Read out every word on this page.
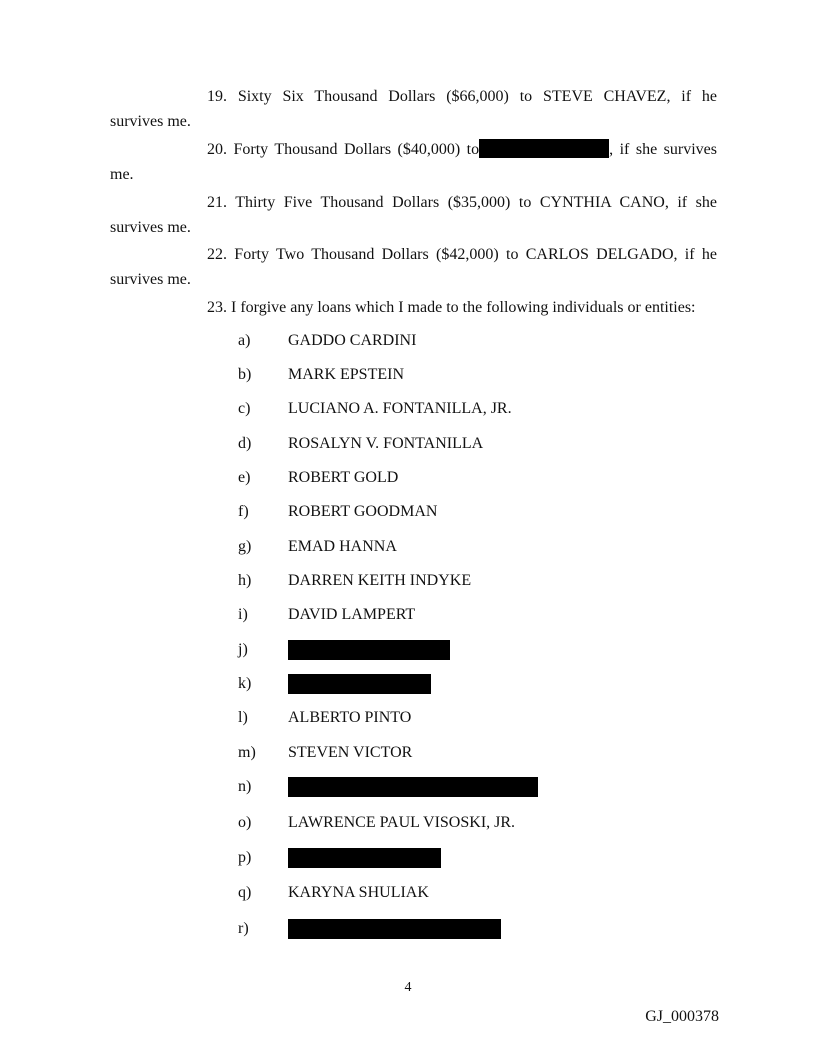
19. Sixty Six Thousand Dollars ($66,000) to STEVE CHAVEZ, if he
survives me.
20. Forty Thousand Dollars ($40,000) to	, if she survives
me.
21. Thirty Five Thousand Dollars ($35,000) to CYNTHIA CANO, if she
survives me.
22. Forty Two Thousand Dollars ($42,000) to CARLOS DELGADO, if he
survives me.
23. I forgive any loans which I made to the following individuals or entities:
a)	GADDO CARDINI
b)	MARK EPSTEIN
c)	LUCIANO A. FONTANILLA, JR.
d)	ROSALYN V. FONTANILLA
e)	ROBERT GOLD
f)	ROBERT GOODMAN
g)	EMAD HANNA
h)	DARREN KEITH INDYKE
i)	DAVID LAMPERT
j)
k)
l)	ALBERTO PINTO
m)	STEVEN VICTOR
n)
o)	LAWRENCE PAUL VISOSKI, JR.
p)
q)	KARYNA SHULIAK
r)
4
GJ_000378
